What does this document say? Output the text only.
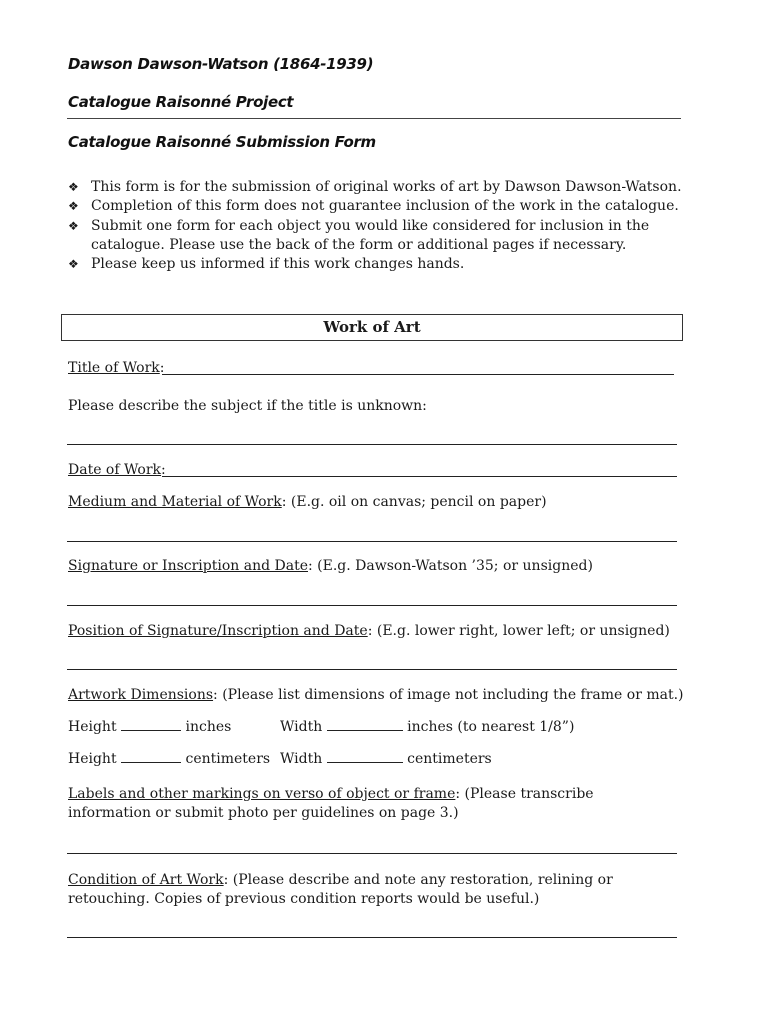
Dawson Dawson-Watson (1864-1939)
Catalogue Raisonné Project
Catalogue Raisonné Submission Form
❖ This form is for the submission of original works of art by Dawson Dawson-Watson.
❖ Completion of this form does not guarantee inclusion of the work in the catalogue.
❖ Submit one form for each object you would like considered for inclusion in the catalogue. Please use the back of the form or additional pages if necessary.
❖ Please keep us informed if this work changes hands.
Work of Art
Title of Work:
Please describe the subject if the title is unknown:
Date of Work:
Medium and Material of Work: (E.g. oil on canvas; pencil on paper)
Signature or Inscription and Date: (E.g. Dawson-Watson ’35; or unsigned)
Position of Signature/Inscription and Date: (E.g. lower right, lower left; or unsigned)
Artwork Dimensions: (Please list dimensions of image not including the frame or mat.)
Height	inches	Width	inches (to nearest 1/8”)
Height	centimeters Width	centimeters
Labels and other markings on verso of object or frame: (Please transcribe information or submit photo per guidelines on page 3.)
Condition of Art Work: (Please describe and note any restoration, relining or retouching. Copies of previous condition reports would be useful.)
